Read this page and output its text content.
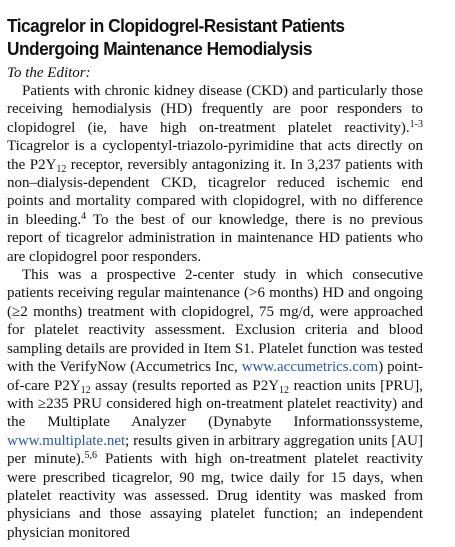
Ticagrelor in Clopidogrel-Resistant Patients Undergoing Maintenance Hemodialysis

To the Editor:

Patients with chronic kidney disease (CKD) and particularly those receiving hemodialysis (HD) frequently are poor responders to clopidogrel (ie, have high on-treatment platelet reactivity).$^{1-3}$ Ticagrelor is a cyclopentyl-triazolo-pyrimidine that acts directly on the $P2Y_{12}$ receptor, reversibly antagonizing it. In 3,237 patients with non–dialysis-dependent CKD, ticagrelor reduced ischemic end points and mortality compared with clopidogrel, with no difference in bleeding.$^4$ To the best of our knowledge, there is no previous report of ticagrelor administration in maintenance HD patients who are clopidogrel poor responders.

This was a prospective 2-center study in which consecutive patients receiving regular maintenance (>6 months) HD and ongoing (≥2 months) treatment with clopidogrel, 75 mg/d, were approached for platelet reactivity assessment. Exclusion criteria and blood sampling details are provided in Item S1. Platelet function was tested with the VerifyNow (Accumetrics Inc, www.accumetrics.com) point-of-care $P2Y_{12}$ assay (results reported as $P2Y_{12}$ reaction units [PRU], with ≥235 PRU considered high on-treatment platelet reactivity) and the Multiplate Analyzer (Dynabyte Informationssysteme, www.multiplate.net; results given in arbitrary aggregation units [AU] per minute).$^{5,6}$ Patients with high on-treatment platelet reactivity were prescribed ticagrelor, 90 mg, twice daily for 15 days, when platelet reactivity was assessed. Drug identity was masked from physicians and those assaying platelet function; an independent physician monitored
